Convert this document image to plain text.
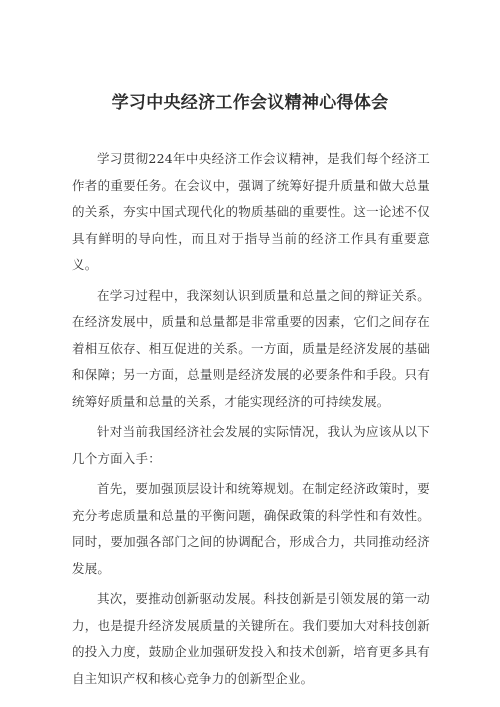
学习中央经济工作会议精神心得体会

学习贯彻224年中央经济工作会议精神，是我们每个经济工作者的重要任务。在会议中，强调了统筹好提升质量和做大总量的关系，夯实中国式现代化的物质基础的重要性。这一论述不仅具有鲜明的导向性，而且对于指导当前的经济工作具有重要意义。

在学习过程中，我深刻认识到质量和总量之间的辩证关系。在经济发展中，质量和总量都是非常重要的因素，它们之间存在着相互依存、相互促进的关系。一方面，质量是经济发展的基础和保障；另一方面，总量则是经济发展的必要条件和手段。只有统筹好质量和总量的关系，才能实现经济的可持续发展。

针对当前我国经济社会发展的实际情况，我认为应该从以下几个方面入手：

首先，要加强顶层设计和统筹规划。在制定经济政策时，要充分考虑质量和总量的平衡问题，确保政策的科学性和有效性。同时，要加强各部门之间的协调配合，形成合力，共同推动经济发展。

其次，要推动创新驱动发展。科技创新是引领发展的第一动力，也是提升经济发展质量的关键所在。我们要加大对科技创新的投入力度，鼓励企业加强研发投入和技术创新，培育更多具有自主知识产权和核心竞争力的创新型企业。
